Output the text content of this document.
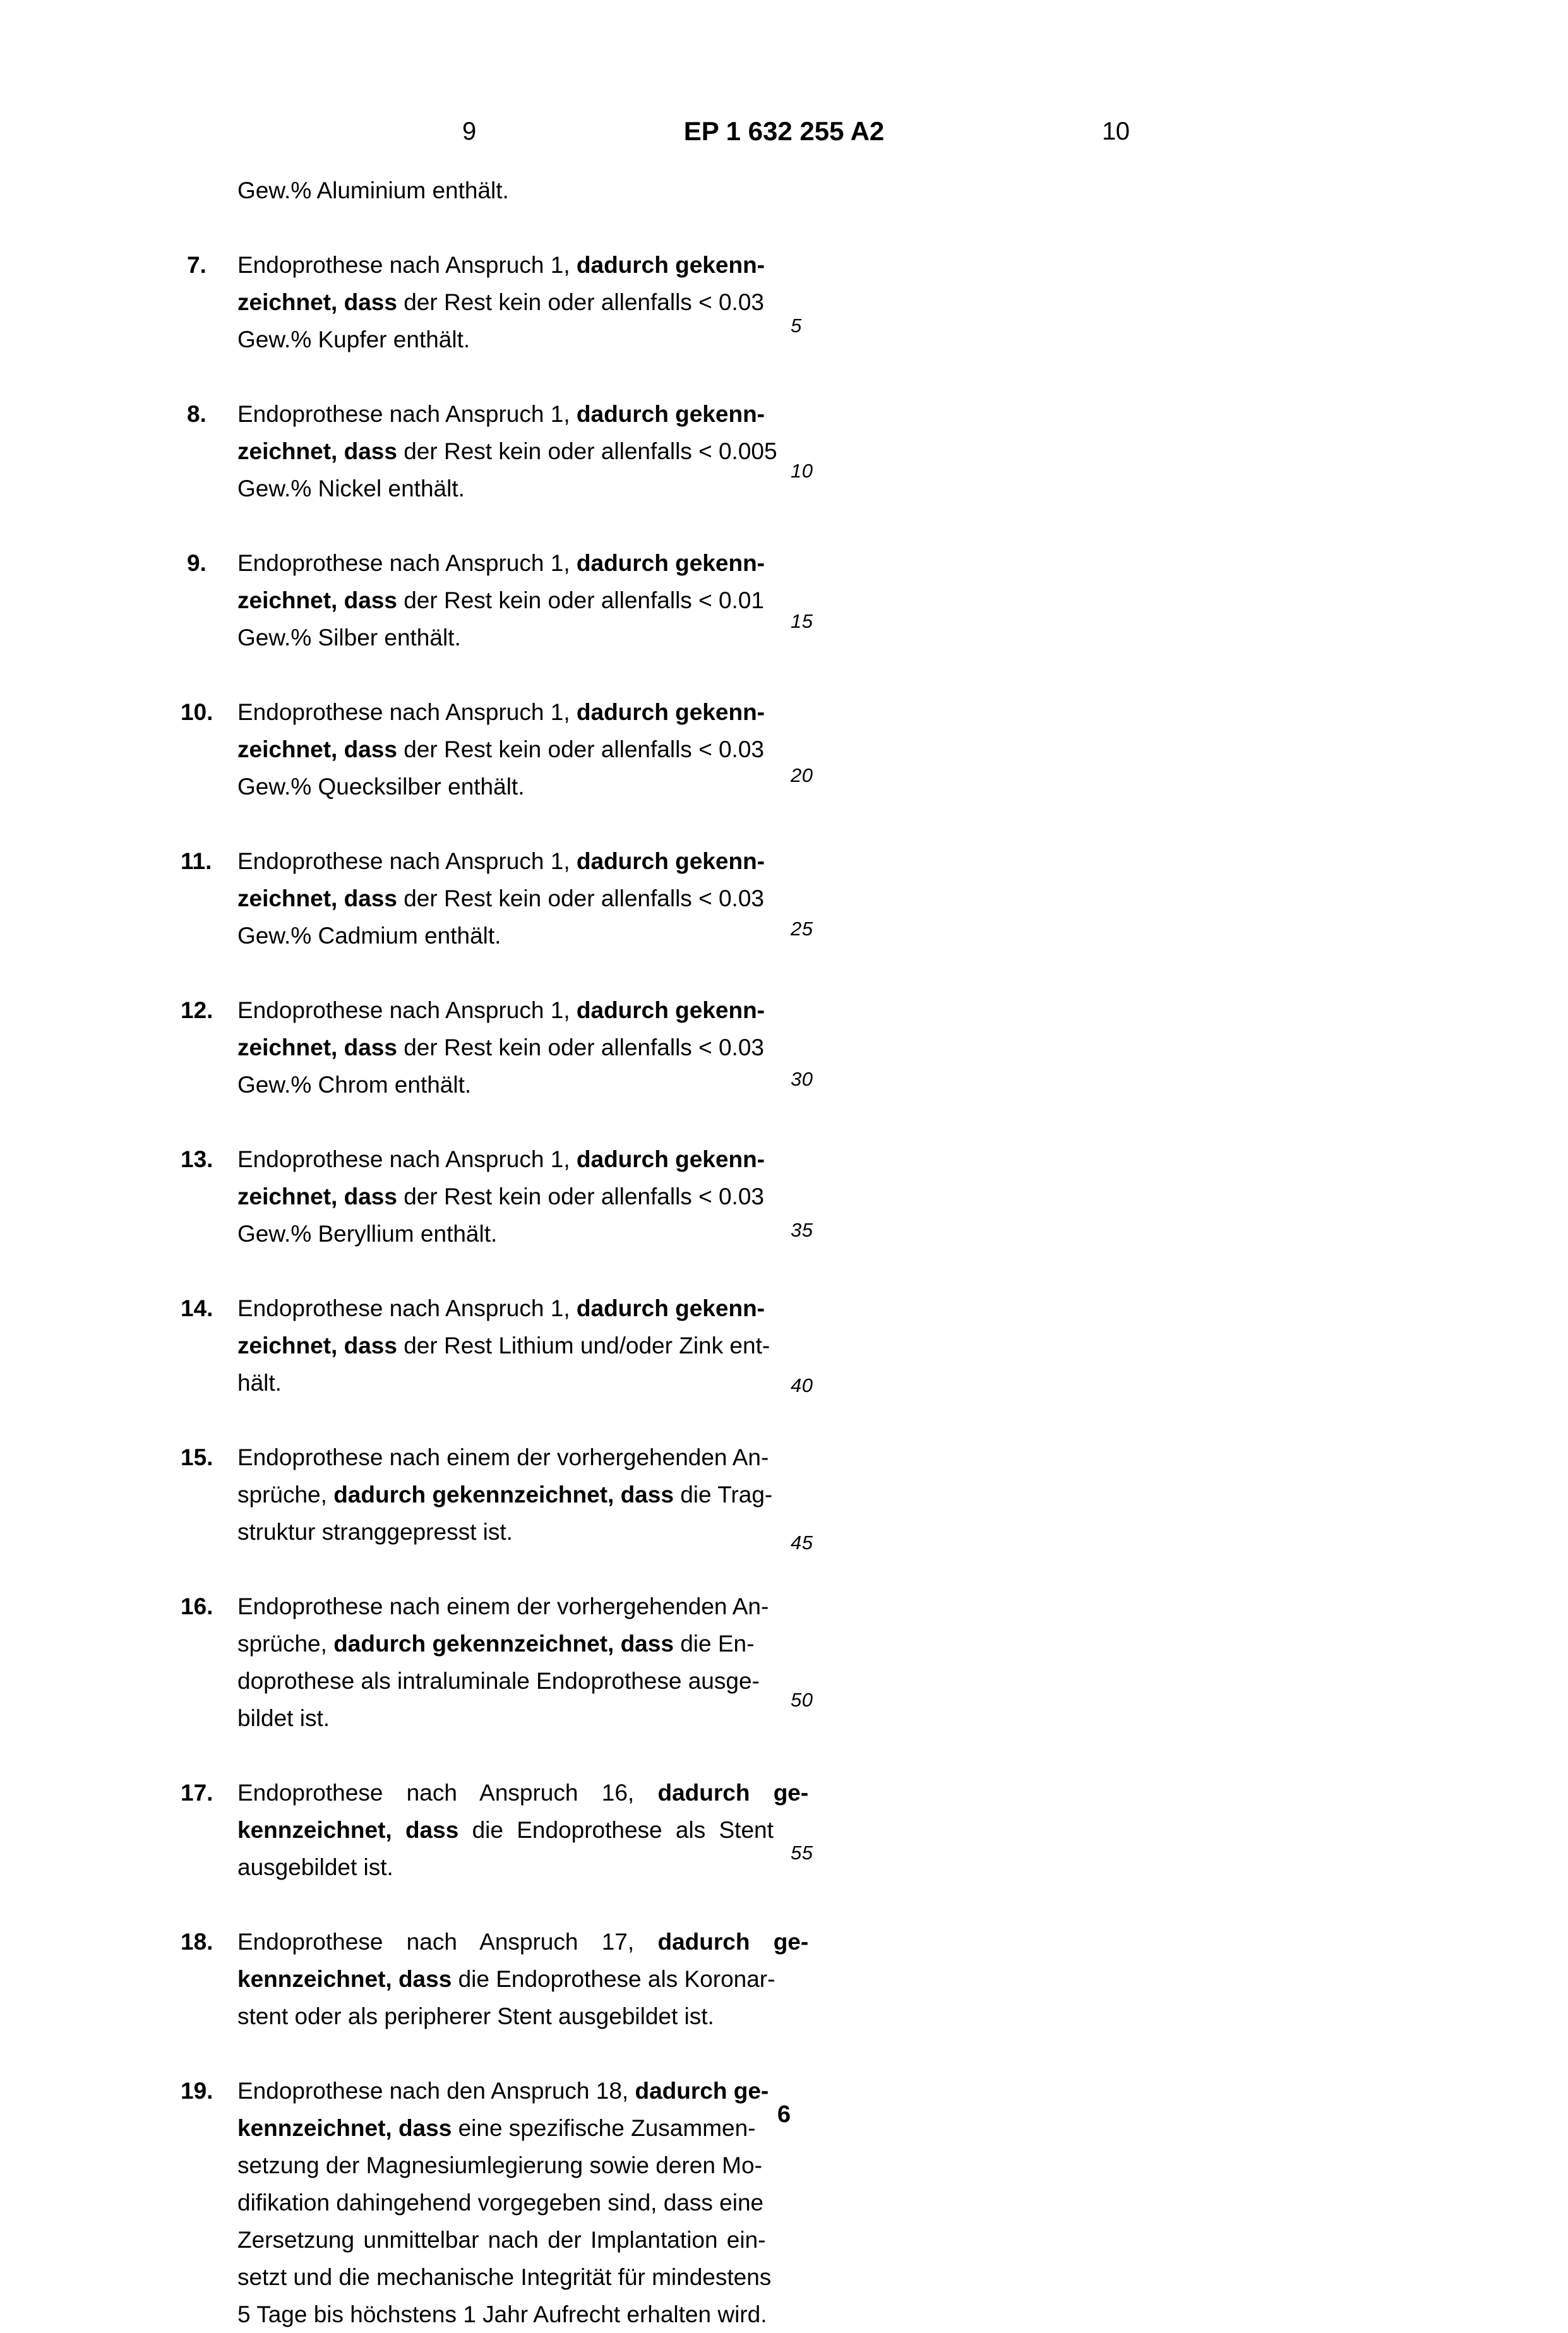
9	EP 1 632 255 A2	10
Gew.% Aluminium enthält.
7.	Endoprothese nach Anspruch 1, dadurch gekenn-
zeichnet, dass der Rest kein oder allenfalls < 0.03
Gew.% Kupfer enthält.
8.	Endoprothese nach Anspruch 1, dadurch gekenn-
zeichnet, dass der Rest kein oder allenfalls < 0.005
Gew.% Nickel enthält.
9.	Endoprothese nach Anspruch 1, dadurch gekenn-
zeichnet, dass der Rest kein oder allenfalls < 0.01
Gew.% Silber enthält.
10.	Endoprothese nach Anspruch 1, dadurch gekenn-
zeichnet, dass der Rest kein oder allenfalls < 0.03
Gew.% Quecksilber enthält.
11.	Endoprothese nach Anspruch 1, dadurch gekenn-
zeichnet, dass der Rest kein oder allenfalls < 0.03
Gew.% Cadmium enthält.
12.	Endoprothese nach Anspruch 1, dadurch gekenn-
zeichnet, dass der Rest kein oder allenfalls < 0.03
Gew.% Chrom enthält.
13.	Endoprothese nach Anspruch 1, dadurch gekenn-
zeichnet, dass der Rest kein oder allenfalls < 0.03
Gew.% Beryllium enthält.
14.	Endoprothese nach Anspruch 1, dadurch gekenn-
zeichnet, dass der Rest Lithium und/oder Zink ent-
hält.
15.	Endoprothese nach einem der vorhergehenden An-
sprüche, dadurch gekennzeichnet, dass die Trag-
struktur stranggepresst ist.
16.	Endoprothese nach einem der vorhergehenden An-
sprüche, dadurch gekennzeichnet, dass die En-
doprothese als intraluminale Endoprothese ausge-
bildet ist.
17.	Endoprothese nach Anspruch 16, dadurch ge-
kennzeichnet, dass die Endoprothese als Stent
ausgebildet ist.
18.	Endoprothese nach Anspruch 17, dadurch ge-
kennzeichnet, dass die Endoprothese als Koronar-
stent oder als peripherer Stent ausgebildet ist.
19.	Endoprothese nach den Anspruch 18, dadurch ge-
kennzeichnet, dass eine spezifische Zusammen-
setzung der Magnesiumlegierung sowie deren Mo-
difikation dahingehend vorgegeben sind, dass eine
Zersetzung unmittelbar nach der Implantation ein-
setzt und die mechanische Integrität für mindestens
5 Tage bis höchstens 1 Jahr Aufrecht erhalten wird.
5
10
15
20
25
30
35
40
45
50
55
6
